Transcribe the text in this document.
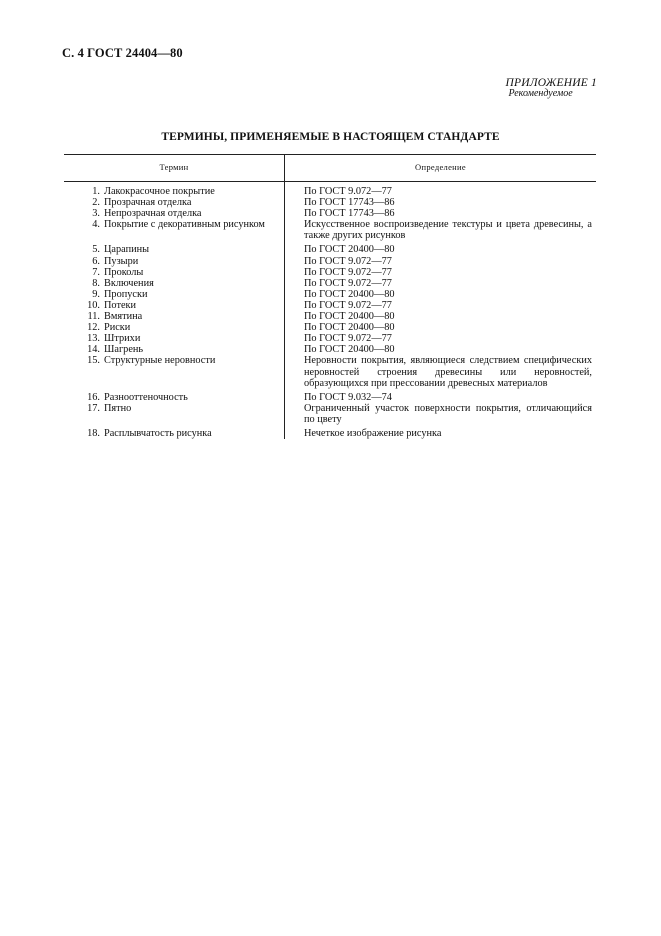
С. 4 ГОСТ 24404—80
ПРИЛОЖЕНИЕ 1
Рекомендуемое
ТЕРМИНЫ, ПРИМЕНЯЕМЫЕ В НАСТОЯЩЕМ СТАНДАРТЕ
Термин	Определение
1. Лакокрасочное покрытие	По ГОСТ 9.072—77
2. Прозрачная отделка	По ГОСТ 17743—86
3. Непрозрачная отделка	По ГОСТ 17743—86
4. Покрытие с декоративным рисунком	Искусственное воспроизведение текстуры и цвета древесины, а также других рисунков
5. Царапины	По ГОСТ 20400—80
6. Пузыри	По ГОСТ 9.072—77
7. Проколы	По ГОСТ 9.072—77
8. Включения	По ГОСТ 9.072—77
9. Пропуски	По ГОСТ 20400—80
10. Потеки	По ГОСТ 9.072—77
11. Вмятина	По ГОСТ 20400—80
12. Риски	По ГОСТ 20400—80
13. Штрихи	По ГОСТ 9.072—77
14. Шагрень	По ГОСТ 20400—80
15. Структурные неровности	Неровности покрытия, являющиеся следствием специфических неровностей строения древесины или неровностей, образующихся при прессовании древесных материалов
16. Разнооттеночность	По ГОСТ 9.032—74
17. Пятно	Ограниченный участок поверхности покрытия, отличающийся по цвету
18. Расплывчатость рисунка	Нечеткое изображение рисунка
